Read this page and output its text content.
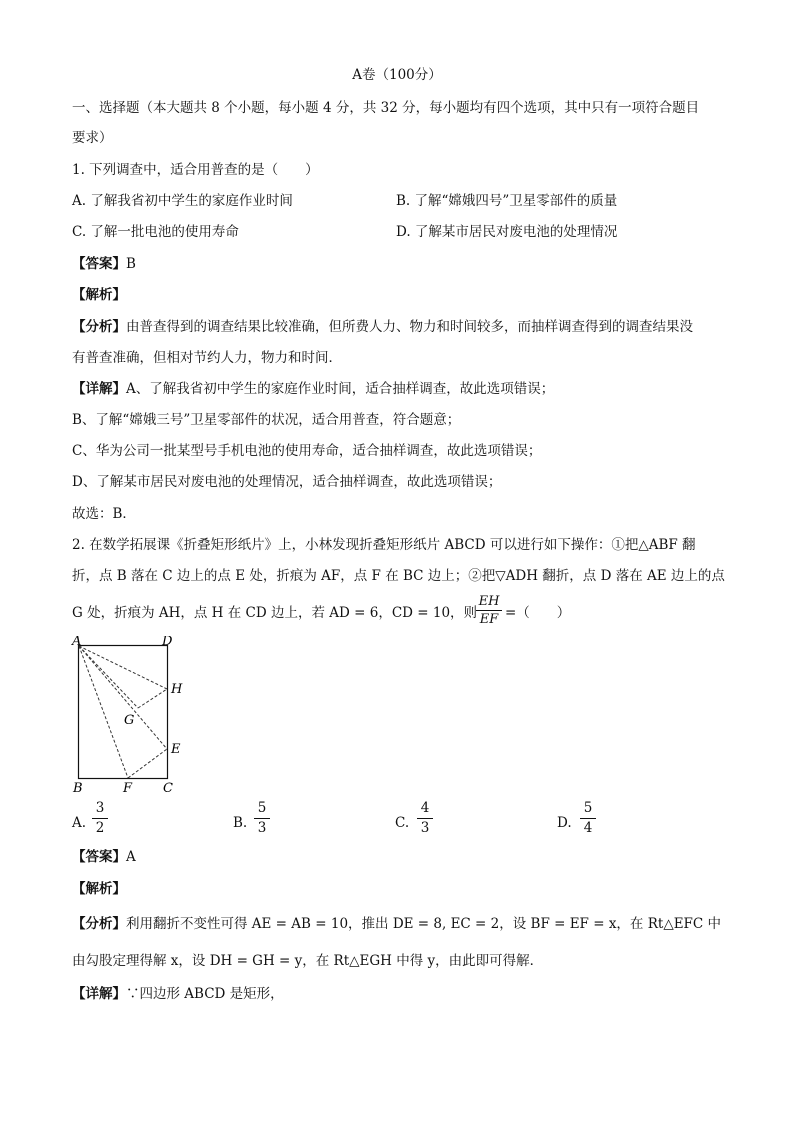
A卷（100分）
一、选择题（本大题共 8 个小题，每小题 4 分，共 32 分，每小题均有四个选项，其中只有一项符合题目
要求）
1. 下列调查中，适合用普查的是（　　）
A. 了解我省初中学生的家庭作业时间	B. 了解“嫦娥四号”卫星零部件的质量
C. 了解一批电池的使用寿命	D. 了解某市居民对废电池的处理情况
【答案】B
【解析】
【分析】由普查得到的调查结果比较准确，但所费人力、物力和时间较多，而抽样调查得到的调查结果没
有普查准确，但相对节约人力，物力和时间．
【详解】A、了解我省初中学生的家庭作业时间，适合抽样调查，故此选项错误；
B、了解“嫦娥三号”卫星零部件的状况，适合用普查，符合题意；
C、华为公司一批某型号手机电池的使用寿命，适合抽样调查，故此选项错误；
D、了解某市居民对废电池的处理情况，适合抽样调查，故此选项错误；
故选：B．
2. 在数学拓展课《折叠矩形纸片》上，小林发现折叠矩形纸片 ABCD 可以进行如下操作：①把△ABF 翻
折，点 B 落在 C 边上的点 E 处，折痕为 AF，点 F 在 BC 边上；②把▽ADH 翻折，点 D 落在 AE 边上的点
G 处，折痕为 AH，点 H 在 CD 边上，若 AD = 6，CD = 10，则
EH
EF =（　　）
A	D
H
G
E
B	F C
A.
3
2	B.
5
3	C.
4
3	D.
5
4
【答案】A
【解析】
【分析】利用翻折不变性可得 AE = AB = 10，推出 DE = 8, EC = 2，设 BF = EF = x，在 Rt△EFC 中
由勾股定理得解 x，设 DH = GH = y，在 Rt△EGH 中得 y，由此即可得解．
【详解】∵四边形 ABCD 是矩形，
